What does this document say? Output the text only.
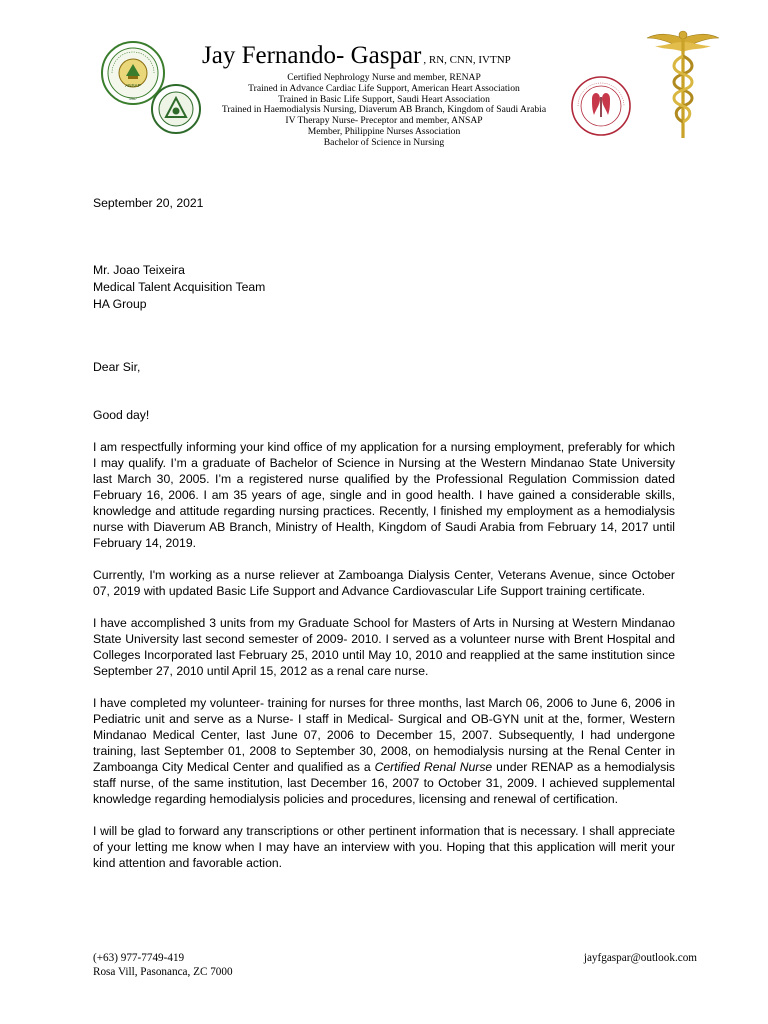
ANSAP
1967
Jay Fernando- Gaspar , RN, CNN, IVTNP
Certified Nephrology Nurse and member, RENAP
Trained in Advance Cardiac Life Support, American Heart Association
Trained in Basic Life Support, Saudi Heart Association
Trained in Haemodialysis Nursing, Diaverum AB Branch, Kingdom of Saudi Arabia
IV Therapy Nurse- Preceptor and member, ANSAP
Member, Philippine Nurses Association
Bachelor of Science in Nursing
September 20, 2021
Mr. Joao Teixeira
Medical Talent Acquisition Team
HA Group
Dear Sir,
Good day!

I am respectfully informing your kind office of my application for a nursing employment, preferably for which I may qualify. I’m a graduate of Bachelor of Science in Nursing at the Western Mindanao State University last March 30, 2005. I’m a registered nurse qualified by the Professional Regulation Commission dated February 16, 2006. I am 35 years of age, single and in good health. I have gained a considerable skills, knowledge and attitude regarding nursing practices. Recently, I finished my employment as a hemodialysis nurse with Diaverum AB Branch, Ministry of Health, Kingdom of Saudi Arabia from February 14, 2017 until February 14, 2019.

Currently, I'm working as a nurse reliever at Zamboanga Dialysis Center, Veterans Avenue, since October 07, 2019 with updated Basic Life Support and Advance Cardiovascular Life Support training certificate.

I have accomplished 3 units from my Graduate School for Masters of Arts in Nursing at Western Mindanao State University last second semester of 2009- 2010. I served as a volunteer nurse with Brent Hospital and Colleges Incorporated last February 25, 2010 until May 10, 2010 and reapplied at the same institution since September 27, 2010 until April 15, 2012 as a renal care nurse.

I have completed my volunteer- training for nurses for three months, last March 06, 2006 to June 6, 2006 in Pediatric unit and serve as a Nurse- I staff in Medical- Surgical and OB-GYN unit at the, former, Western Mindanao Medical Center, last June 07, 2006 to December 15, 2007. Subsequently, I had undergone training, last September 01, 2008 to September 30, 2008, on hemodialysis nursing at the Renal Center in Zamboanga City Medical Center and qualified as a Certified Renal Nurse under RENAP as a hemodialysis staff nurse, of the same institution, last December 16, 2007 to October 31, 2009. I achieved supplemental knowledge regarding hemodialysis policies and procedures, licensing and renewal of certification.

I will be glad to forward any transcriptions or other pertinent information that is necessary. I shall appreciate of your letting me know when I may have an interview with you. Hoping that this application will merit your kind attention and favorable action.

(+63) 977-7749-419
Rosa Vill, Pasonanca, ZC 7000
jayfgaspar@outlook.com
